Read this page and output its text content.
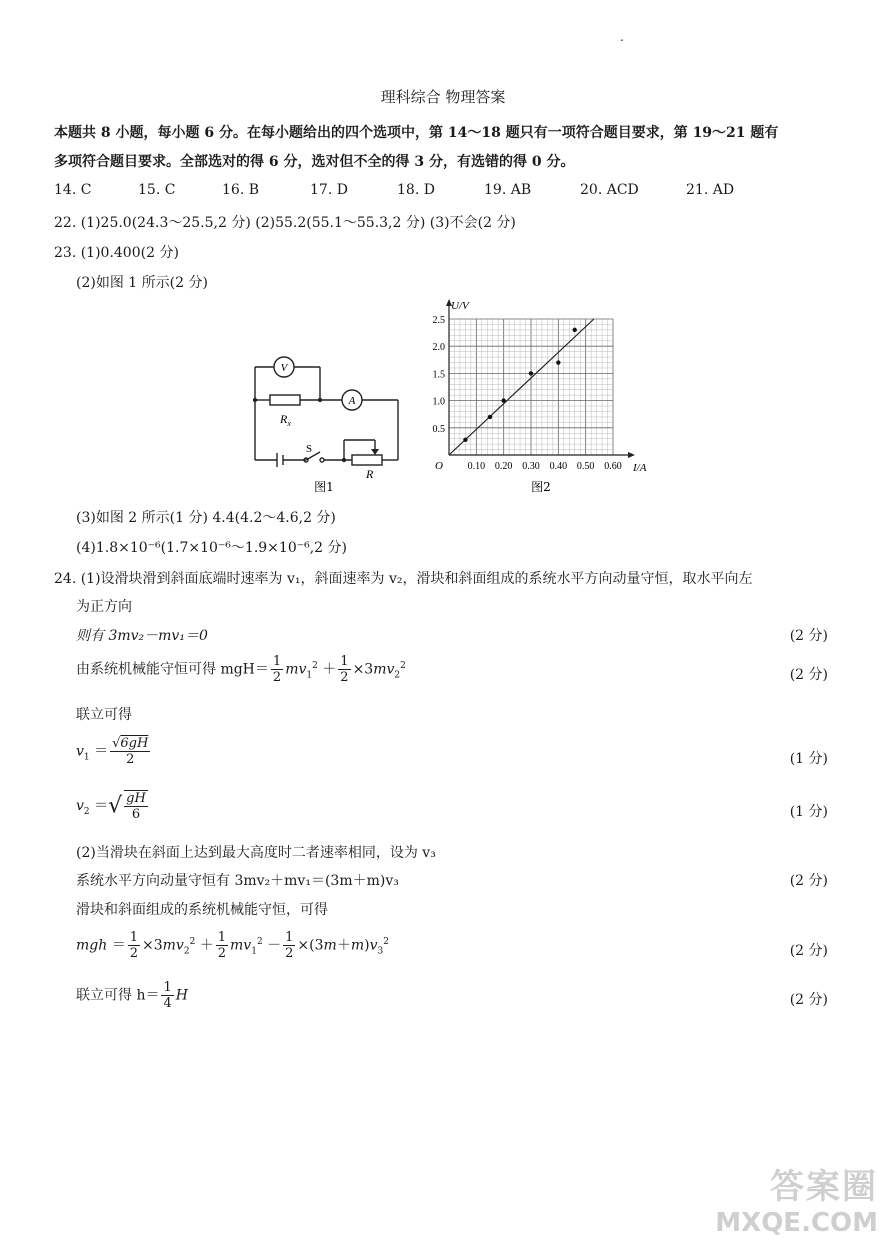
.
理科综合 物理答案
本题共 8 小题，每小题 6 分。在每小题给出的四个选项中，第 14～18 题只有一项符合题目要求，第 19～21 题有
多项符合题目要求。全部选对的得 6 分，选对但不全的得 3 分，有选错的得 0 分。
14. C	15. C	16. B	17. D	18. D	19. AB	20. ACD	21. AD
22. (1)25.0(24.3～25.5,2 分) (2)55.2(55.1～55.3,2 分) (3)不会(2 分)
23. (1)0.400(2 分)
(2)如图 1 所示(2 分)
V
A
$R_x$
S
R
图1
0.10 0.20 0.30 0.40 0.50 0.60
0.5
1.0
1.5
2.0
2.5
U/V
I/A
O
图2
(3)如图 2 所示(1 分) 4.4(4.2～4.6,2 分)
(4)1.8×10⁻⁶(1.7×10⁻⁶～1.9×10⁻⁶,2 分)
24. (1)设滑块滑到斜面底端时速率为 v₁，斜面速率为 v₂，滑块和斜面组成的系统水平方向动量守恒，取水平向左
为正方向
则有 3mv₂－mv₁＝0	(2 分)
由系统机械能守恒可得 $mgH= \frac{1}{2} mv_1^2 + \frac{1}{2} \times 3mv_2^2$
(2 分)
联立可得
$v_1 = \frac{√6gH}{2}$	(1 分)
$v_2$ ＝√ $\frac{gH}{6}$	(1 分)
(2)当滑块在斜面上达到最大高度时二者速率相同，设为 v₃
系统水平方向动量守恒有 3mv₂＋mv₁＝(3m＋m)v₃	(2 分)
滑块和斜面组成的系统机械能守恒，可得
mgh ＝ $\frac{1}{2} \times 3mv_2^2 + \frac{1}{2} mv_1^2 - \frac{1}{2} \times(3m+m)v_3^2$
(2 分)
联立可得 $h= \frac{1}{4}$ H	(2 分)
答案圈
MXQE.COM
